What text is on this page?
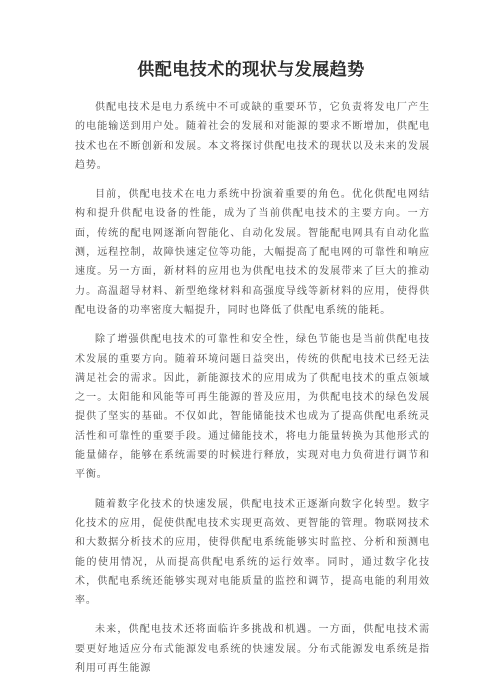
供配电技术的现状与发展趋势

供配电技术是电力系统中不可或缺的重要环节，它负责将发电厂产生的电能输送到用户处。随着社会的发展和对能源的要求不断增加，供配电技术也在不断创新和发展。本文将探讨供配电技术的现状以及未来的发展趋势。

目前，供配电技术在电力系统中扮演着重要的角色。优化供配电网结构和提升供配电设备的性能，成为了当前供配电技术的主要方向。一方面，传统的配电网逐渐向智能化、自动化发展。智能配电网具有自动化监测，远程控制，故障快速定位等功能，大幅提高了配电网的可靠性和响应速度。另一方面，新材料的应用也为供配电技术的发展带来了巨大的推动力。高温超导材料、新型绝缘材料和高强度导线等新材料的应用，使得供配电设备的功率密度大幅提升，同时也降低了供配电系统的能耗。

除了增强供配电技术的可靠性和安全性，绿色节能也是当前供配电技术发展的重要方向。随着环境问题日益突出，传统的供配电技术已经无法满足社会的需求。因此，新能源技术的应用成为了供配电技术的重点领域之一。太阳能和风能等可再生能源的普及应用，为供配电技术的绿色发展提供了坚实的基础。不仅如此，智能储能技术也成为了提高供配电系统灵活性和可靠性的重要手段。通过储能技术，将电力能量转换为其他形式的能量储存，能够在系统需要的时候进行释放，实现对电力负荷进行调节和平衡。

随着数字化技术的快速发展，供配电技术正逐渐向数字化转型。数字化技术的应用，促使供配电技术实现更高效、更智能的管理。物联网技术和大数据分析技术的应用，使得供配电系统能够实时监控、分析和预测电能的使用情况，从而提高供配电系统的运行效率。同时，通过数字化技术，供配电系统还能够实现对电能质量的监控和调节，提高电能的利用效率。

未来，供配电技术还将面临许多挑战和机遇。一方面，供配电技术需要更好地适应分布式能源发电系统的快速发展。分布式能源发电系统是指利用可再生能源
